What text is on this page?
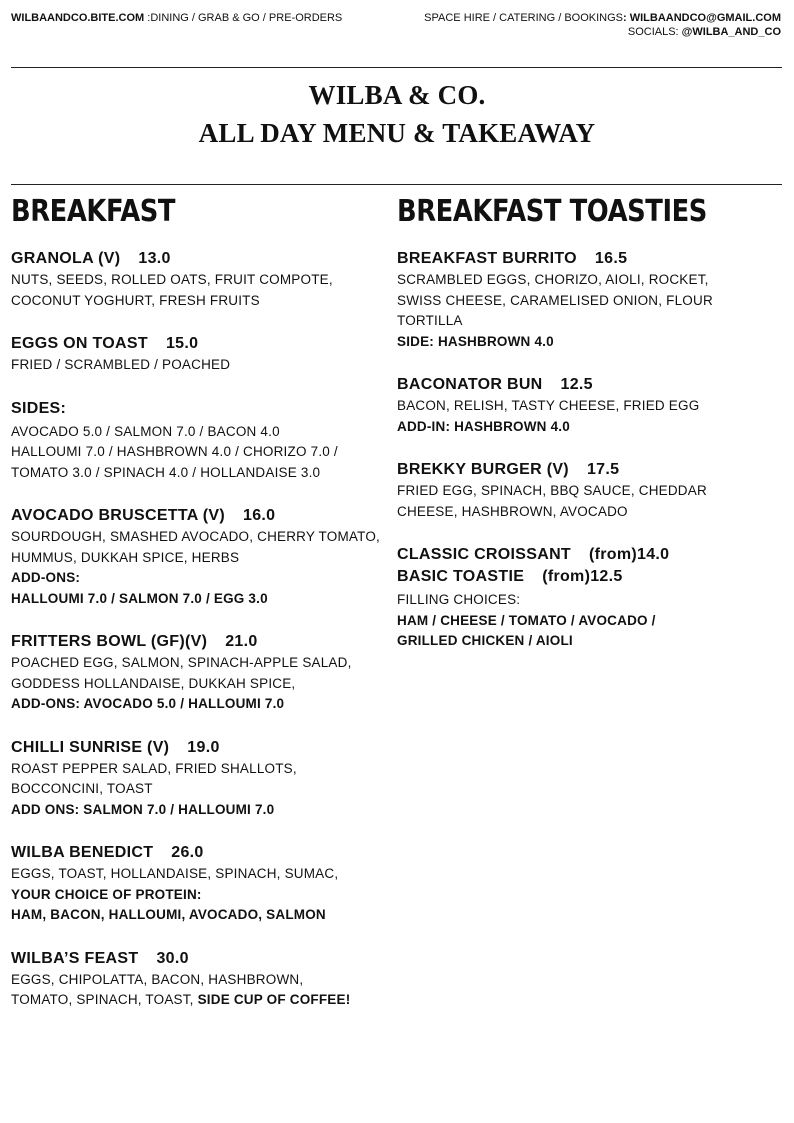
WILBAANDCO.BITE.COM :DINING / GRAB & GO / PRE-ORDERS	SPACE HIRE / CATERING / BOOKINGS: WILBAANDCO@GMAIL.COM
SOCIALS: @WILBA_AND_CO
WILBA & CO.
ALL DAY MENU & TAKEAWAY
BREAKFAST
GRANOLA (V) 13.0
NUTS, SEEDS, ROLLED OATS, FRUIT COMPOTE, COCONUT YOGHURT, FRESH FRUITS
EGGS ON TOAST 15.0
FRIED / SCRAMBLED / POACHED
SIDES:
AVOCADO 5.0 / SALMON 7.0 / BACON 4.0 HALLOUMI 7.0 / HASHBROWN 4.0 / CHORIZO 7.0 / TOMATO 3.0 / SPINACH 4.0 / HOLLANDAISE 3.0
AVOCADO BRUSCETTA (V) 16.0
SOURDOUGH, SMASHED AVOCADO, CHERRY TOMATO, HUMMUS, DUKKAH SPICE, HERBS
ADD-ONS:
HALLOUMI 7.0 / SALMON 7.0 / EGG 3.0
FRITTERS BOWL (GF)(V) 21.0
POACHED EGG, SALMON, SPINACH-APPLE SALAD, GODDESS HOLLANDAISE, DUKKAH SPICE,
ADD-ONS: AVOCADO 5.0 / HALLOUMI 7.0
CHILLI SUNRISE (V) 19.0
ROAST PEPPER SALAD, FRIED SHALLOTS, BOCCONCINI, TOAST
ADD ONS: SALMON 7.0 / HALLOUMI 7.0
WILBA BENEDICT 26.0
EGGS, TOAST, HOLLANDAISE, SPINACH, SUMAC,
YOUR CHOICE OF PROTEIN:
HAM, BACON, HALLOUMI, AVOCADO, SALMON
WILBA’S FEAST 30.0
EGGS, CHIPOLATTA, BACON, HASHBROWN, TOMATO, SPINACH, TOAST, SIDE CUP OF COFFEE!
BREAKFAST TOASTIES
BREAKFAST BURRITO 16.5
SCRAMBLED EGGS, CHORIZO, AIOLI, ROCKET, SWISS CHEESE, CARAMELISED ONION, FLOUR TORTILLA
SIDE: HASHBROWN 4.0
BACONATOR BUN 12.5
BACON, RELISH, TASTY CHEESE, FRIED EGG
ADD-IN: HASHBROWN 4.0
BREKKY BURGER (V) 17.5
FRIED EGG, SPINACH, BBQ SAUCE, CHEDDAR CHEESE, HASHBROWN, AVOCADO
CLASSIC CROISSANT (from)14.0
BASIC TOASTIE (from)12.5
FILLING CHOICES:
HAM / CHEESE / TOMATO / AVOCADO / GRILLED CHICKEN / AIOLI
